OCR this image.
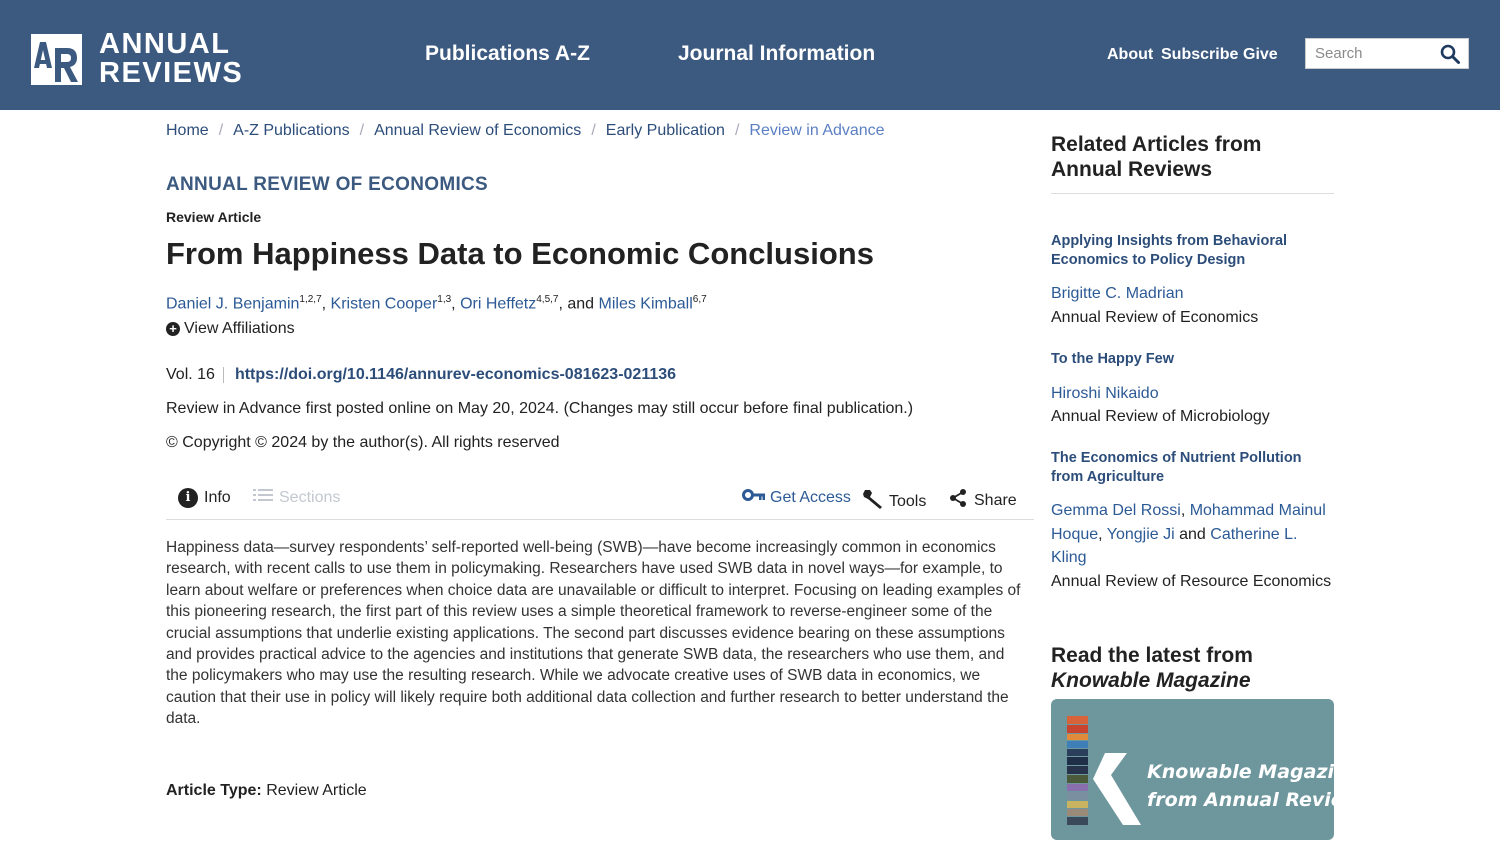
ANNUAL
REVIEWS
Publications A-Z	Journal Information	About Subscribe Give
Search
Home / A-Z Publications / Annual Review of Economics / Early Publication / Review in Advance
ANNUAL REVIEW OF ECONOMICS
Review Article
From Happiness Data to Economic Conclusions
Daniel J. Benjamin$^{1,2,7}$, Kristen Cooper$^{1,3}$, Ori Heffetz$^{4,5,7}$, and Miles Kimball$^{6,7}$
+ View Affiliations
Vol. 16 https://doi.org/10.1146/annurev-economics-081623-021136
Review in Advance first posted online on May 20, 2024. (Changes may still occur before final publication.)
© Copyright © 2024 by the author(s). All rights reserved
i Info	Sections	Get Access Tools	Share

Happiness data—survey respondents’ self-reported well-being (SWB)—have become increasingly common in economics research, with recent calls to use them in policymaking. Researchers have used SWB data in novel ways—for example, to learn about welfare or preferences when choice data are unavailable or difficult to interpret. Focusing on leading examples of this pioneering research, the first part of this review uses a simple theoretical framework to reverse-engineer some of the crucial assumptions that underlie existing applications. The second part discusses evidence bearing on these assumptions and provides practical advice to the agencies and institutions that generate SWB data, the researchers who use them, and the policymakers who may use the resulting research. While we advocate creative uses of SWB data in economics, we caution that their use in policy will likely require both additional data collection and further research to better understand the data.

Article Type: Review Article
Related Articles from Annual Reviews
Applying Insights from Behavioral Economics to Policy Design
Brigitte C. Madrian
Annual Review of Economics
To the Happy Few
Hiroshi Nikaido
Annual Review of Microbiology
The Economics of Nutrient Pollution from Agriculture
Gemma Del Rossi, Mohammad Mainul Hoque, Yongjie Ji and Catherine L. Kling
Annual Review of Resource Economics
Read the latest from
Knowable Magazine
Knowable Magazine
from Annual Reviews
